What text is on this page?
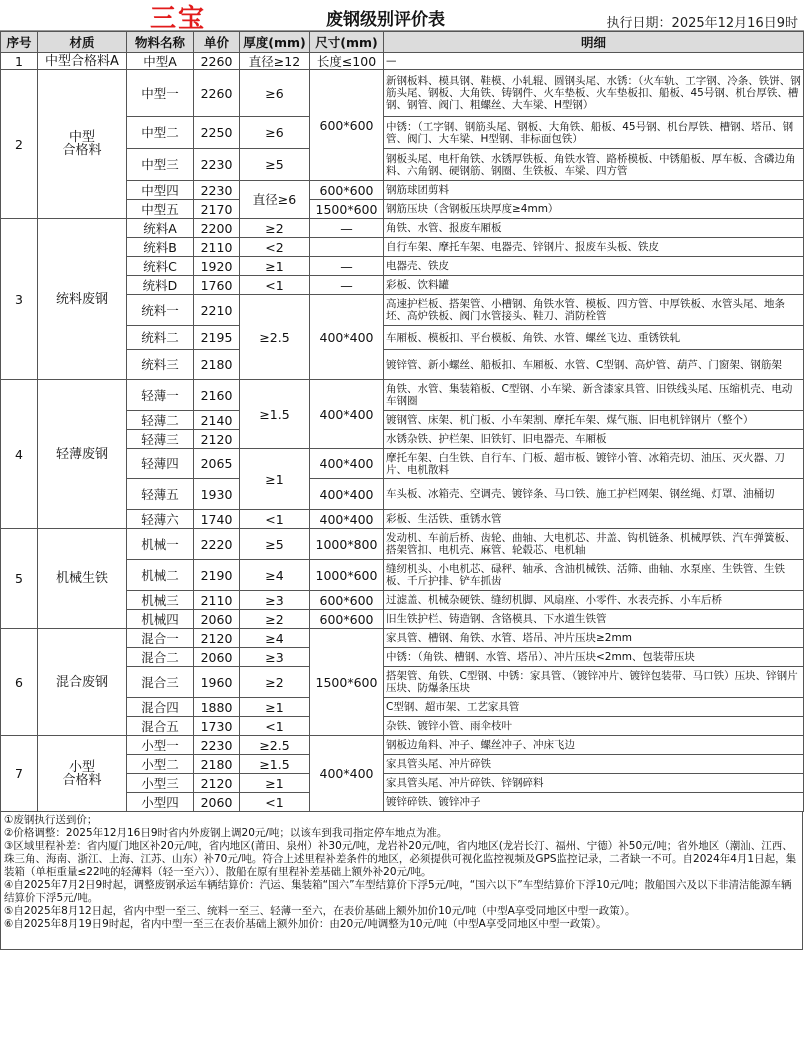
三宝	废钢级别评价表	执行日期：2025年12月16日9时
序号	材质	物料名称	单价	厚度(mm)	尺寸(mm)	明细
1	中型合格料A	中型A	2260	直径≥12	长度≤100	—
2	中型
合格料	中型一	2260	≥6	600*600	新钢板料、模具钢、鞋模、小轧辊、圆钢头尾、水锈：（火车轨、工字钢、冷条、铁饼、钢筋头尾、钢板、大角铁、铸钢件、火车垫板、火车垫板扣、船板、45号钢、机台厚铁、槽钢、钢管、阀门、粗螺丝、大车梁、H型钢）
		中型二	2250	≥6		中锈：（工字钢、钢筋头尾、钢板、大角铁、船板、45号钢、机台厚铁、槽钢、塔吊、钢管、阀门、大车梁、H型钢、非标面包铁）
		中型三	2230	≥5		钢板头尾、电杆角铁、水锈厚铁板、角铁水管、路桥模板、中锈船板、厚车板、含磷边角料、六角钢、硬钢筋、钢圈、生铁板、车梁、四方管
		中型四	2230	直径≥6	600*600	钢筋球团剪料
		中型五	2170		1500*600	钢筋压块（含钢板压块厚度≥4mm）
3	统料废钢	统料A	2200	≥2	—	角铁、水管、报废车厢板
		统料B	2110	<2		自行车架、摩托车架、电器壳、锌钢片、报废车头板、铁皮
		统料C	1920	≥1	—	电器壳、铁皮
		统料D	1760	<1	—	彩板、饮料罐
		统料一	2210	≥2.5	400*400	高速护栏板、搭架管、小槽钢、角铁水管、模板、四方管、中厚铁板、水管头尾、地条坯、高炉铁板、阀门水管接头、鞋刀、消防栓管
		统料二	2195			车厢板、模板扣、平台模板、角铁、水管、螺丝飞边、重锈铁轧
		统料三	2180			镀锌管、新小螺丝、船板扣、车厢板、水管、C型钢、高炉管、葫芦、门窗架、钢筋架
4	轻薄废钢	轻薄一	2160	≥1.5	400*400	角铁、水管、集装箱板、C型钢、小车梁、新含漆家具管、旧铁线头尾、压缩机壳、电动车钢圈
		轻薄二	2140			镀钢管、床架、机门板、小车架割、摩托车架、煤气瓶、旧电机锌钢片（整个）
		轻薄三	2120			水锈杂铁、护栏架、旧铁钉、旧电器壳、车厢板
		轻薄四	2065	≥1	400*400	摩托车架、白生铁、自行车、门板、超市板、镀锌小管、冰箱壳切、油压、灭火器、刀片、电机散料
		轻薄五	1930		400*400	车头板、冰箱壳、空调壳、镀锌条、马口铁、施工护栏网架、钢丝绳、灯罩、油桶切
		轻薄六	1740	<1	400*400	彩板、生活铁、重锈水管
5	机械生铁	机械一	2220	≥5	1000*800	发动机、车前后桥、齿轮、曲轴、大电机芯、井盖、钩机链条、机械厚铁、汽车弹簧板、搭架管扣、电机壳、麻管、轮毂芯、电机轴
		机械二	2190	≥4	1000*600	缝纫机头、小电机芯、碌秤、轴承、含油机械铁、活筛、曲轴、水泵座、生铁管、生铁板、千斤护排、铲车抓齿
		机械三	2110	≥3	600*600	过滤盖、机械杂硬铁、缝纫机脚、风扇座、小零件、水表壳拆、小车后桥
		机械四	2060	≥2	600*600	旧生铁护栏、铸造钢、含铬模具、下水道生铁管
6	混合废钢	混合一	2120	≥4	1500*600	家具管、槽钢、角铁、水管、塔吊、冲片压块≥2mm
		混合二	2060	≥3		中锈：（角铁、槽钢、水管、塔吊）、冲片压块<2mm、包装带压块
		混合三	1960	≥2		搭架管、角铁、C型钢、中锈：家具管、（镀锌冲片、镀锌包装带、马口铁）压块、锌钢片压块、防爆条压块
		混合四	1880	≥1		C型钢、超市架、工艺家具管
		混合五	1730	<1		杂铁、镀锌小管、雨伞枝叶
7	小型
合格料	小型一	2230	≥2.5	400*400	钢板边角料、冲子、螺丝冲子、冲床飞边
		小型二	2180	≥1.5		家具管头尾、冲片碎铁
		小型三	2120	≥1		家具管头尾、冲片碎铁、锌钢碎料
		小型四	2060	<1		镀锌碎铁、镀锌冲子
①废钢执行送到价；
②价格调整：2025年12月16日9时省内外废钢上调20元/吨；以该车到我司指定停车地点为准。
③区域里程补差：省内厦门地区补20元/吨，省内地区(莆田、泉州）补30元/吨，龙岩补20元/吨，省内地区(龙岩长汀、福州、宁德）补50元/吨；省外地区（潮汕、江西、珠三角、海南、浙江、上海、江苏、山东）补70元/吨。符合上述里程补差条件的地区，必须提供可视化监控视频及GPS监控记录，二者缺一不可。自2024年4月1日起，集装箱（单柜重量≤22吨的轻薄料（轻一至六））、散船在原有里程补差基础上额外补20元/吨。
④自2025年7月2日9时起，调整废钢承运车辆结算价：汽运、集装箱“国六”车型结算价下浮5元/吨，“国六以下”车型结算价下浮10元/吨；散船国六及以下非清洁能源车辆结算价下浮5元/吨。
⑤自2025年8月12日起，省内中型一至三、统料一至三、轻薄一至六，在表价基础上额外加价10元/吨（中型A享受同地区中型一政策）。
⑥自2025年8月19日9时起，省内中型一至三在表价基础上额外加价：由20元/吨调整为10元/吨（中型A享受同地区中型一政策）。
